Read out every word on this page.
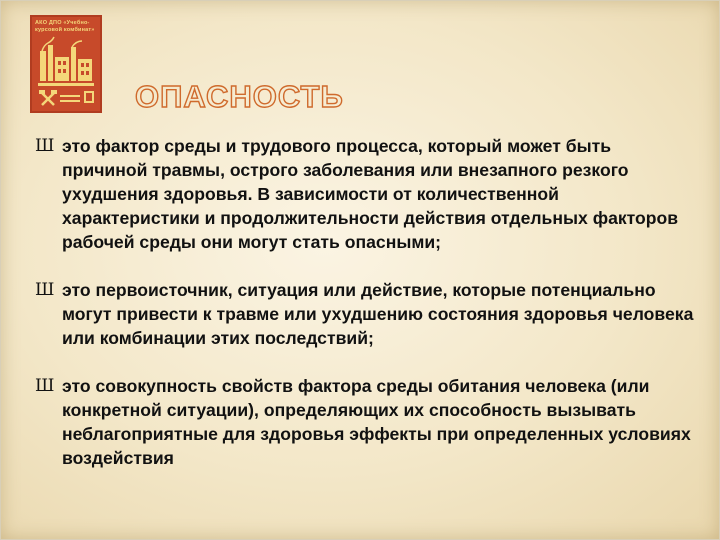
АКО ДПО «Учебно-
курсовой комбинат»
ОПАСНОСТЬ
Ш это фактор среды и трудового процесса, который может быть причиной травмы, острого заболевания или внезапного резкого ухудшения здоровья. В зависимости от количественной характеристики и продолжительности действия отдельных факторов рабочей среды они могут стать опасными;
Ш это первоисточник, ситуация или действие, которые потенциально могут привести к травме или ухудшению состояния здоровья человека или комбинации этих последствий;
Ш это совокупность свойств фактора среды обитания человека (или конкретной ситуации), определяющих их способность вызывать неблагоприятные для здоровья эффекты при определенных условиях воздействия
